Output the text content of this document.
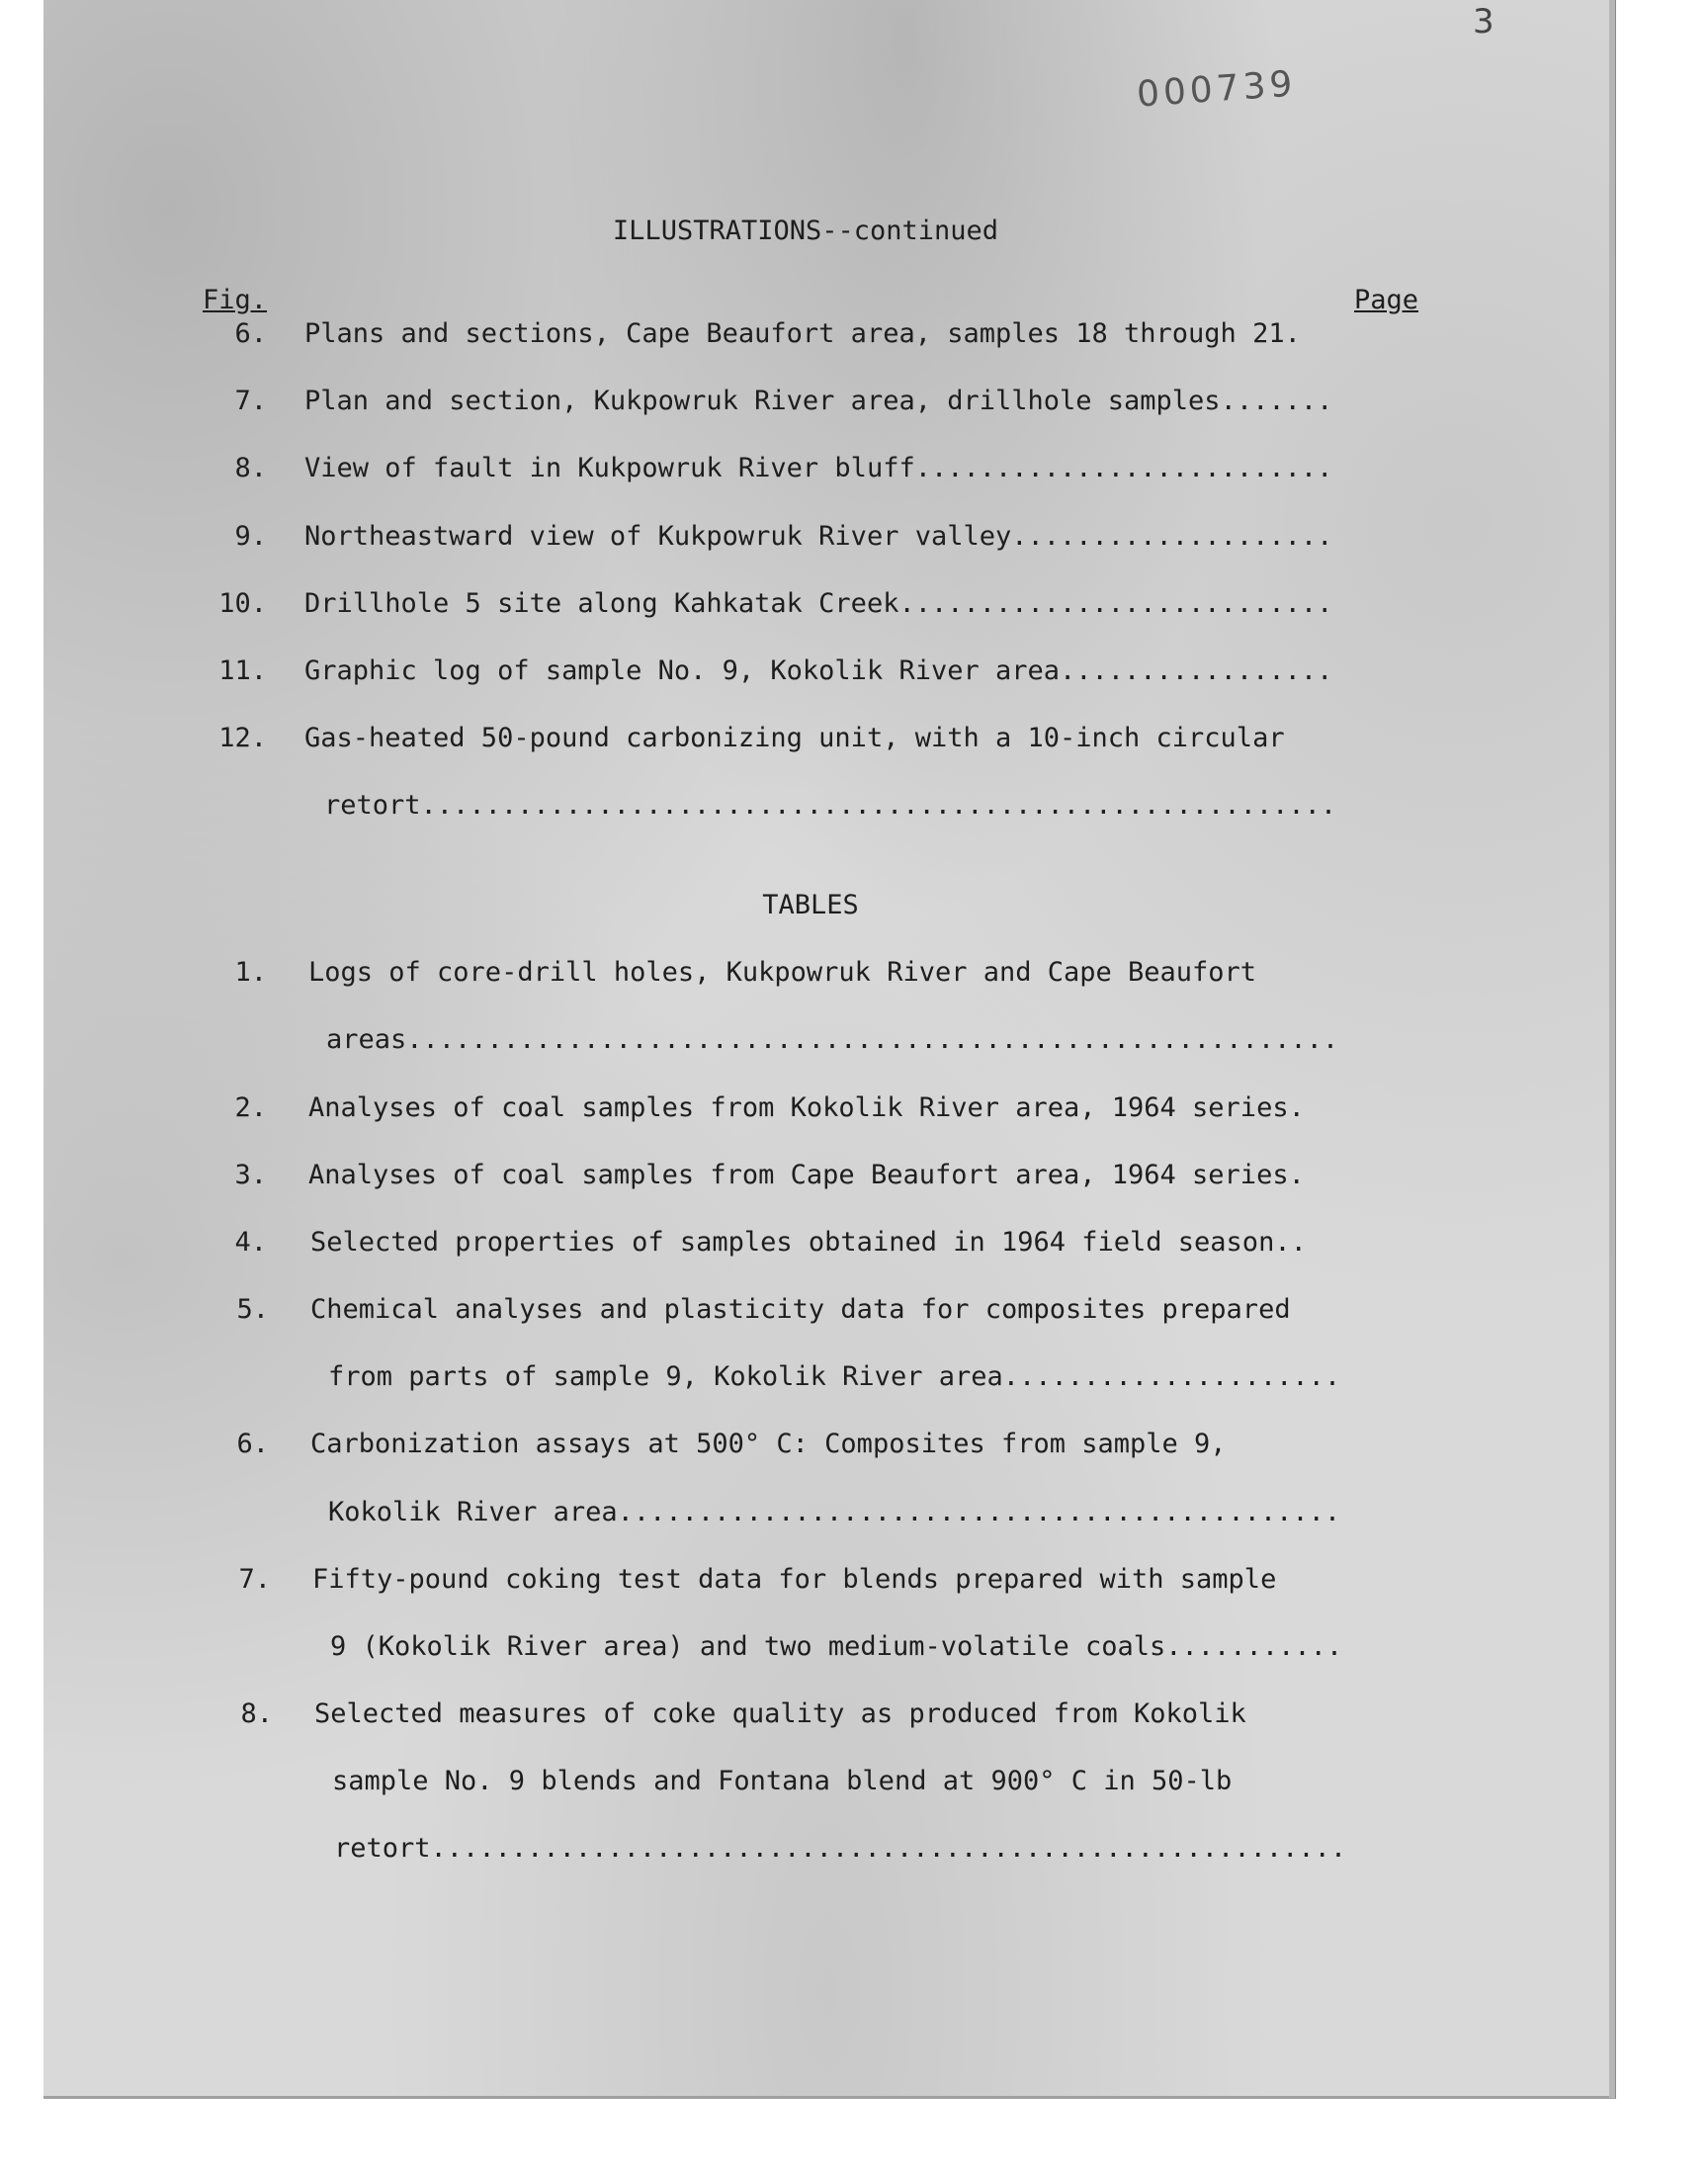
000739
3
ILLUSTRATIONS--continued
Fig.	Page
6. Plans and sections, Cape Beaufort area, samples 18 through 21.
7. Plan and section, Kukpowruk River area, drillhole samples
.....
8. View of fault in Kukpowruk River bluff
.....
9. Northeastward view of Kukpowruk River valley
.....
10. Drillhole 5 site along Kahkatak Creek
.....
11. Graphic log of sample No. 9, Kokolik River area
.....
12. Gas-heated 50-pound carbonizing unit, with a 10-inch circular
retort
.....
TABLES
1. Logs of core-drill holes, Kukpowruk River and Cape Beaufort
areas
.....
2. Analyses of coal samples from Kokolik River area, 1964 series.
3. Analyses of coal samples from Cape Beaufort area, 1964 series.
4. Selected properties of samples obtained in 1964 field season..
5. Chemical analyses and plasticity data for composites prepared
from parts of sample 9, Kokolik River area
.....
6. Carbonization assays at 500° C: Composites from sample 9,
Kokolik River area
.....
7. Fifty-pound coking test data for blends prepared with sample
9 (Kokolik River area) and two medium-volatile coals
.....
8. Selected measures of coke quality as produced from Kokolik
sample No. 9 blends and Fontana blend at 900° C in 50-lb
retort
.....
